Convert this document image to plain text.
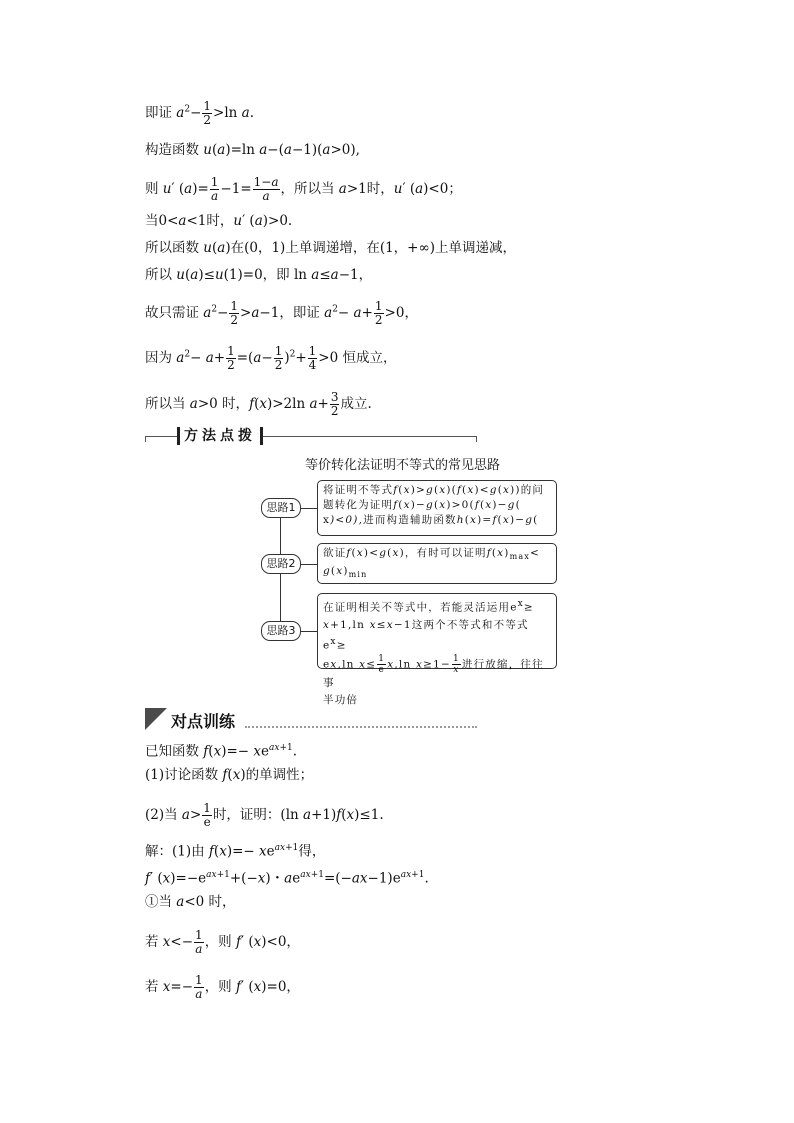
即证 $a^2- \frac{1}{2} >\ln$ a.
构造函数 u(a)=ln a−(a−1)(a>0),
则 u′ $(a)= \frac{1}{a} -1= \frac{1-a}{a}$ ，所以当 a>1时，u′ (a)<0；
当0<a<1时，u′ (a)>0.
所以函数 u(a)在(0，1)上单调递增，在(1，+∞)上单调递减，
所以 u(a)≤u(1)=0，即 ln a≤a−1，
故只需证 $a^2- \frac{1}{2} >a-1$，即证 $a^2- a+ \frac{1}{2} >0$，
因为 $a^2- a+ \frac{1}{2} =(a- \frac{1}{2} )^2+ \frac{1}{4} >0$ 恒成立，
所以当 a>0 时，f(x)>2ln $a+ \frac{3}{2}$ 成立.
方法点拨
等价转化法证明不等式的常见思路
思路1
思路2
思路3
将证明不等式f(x)>g(x)(f(x)<g(x))的问
题转化为证明f(x)−g(x)>0(f(x)−g(
x)<0),进而构造辅助函数h(x)=f(x)−g(
欲证f(x)<g(x)，有时可以证明$f(x)_{max}<$
$g(x)_{min}$
在证明相关不等式中，若能灵活运用$e^x\ge$
x+1,ln x≤x−1这两个不等式和不等式$e^x\ge$
ex,ln $x\le \frac{1}{e} x,\ln$ $x\ge 1- \frac{1}{x}$ 进行放缩，往往事
半功倍
对点训练
已知函数 $f(x)=- xe^{ax+1}$.
(1)讨论函数 f(x)的单调性；
(2)当 $a> \frac{1}{e}$ 时，证明：(ln a+1)f(x)≤1.
解：(1)由 $f(x)=- xe^{ax+1}$得，
f′ $(x)=-e^{ax+1}+(-x)$・$ae^{ax+1}=(-ax-1)e^{ax+1}$.
①当 a<0 时，
若 $x<- \frac{1}{a}$ ，则 f′ (x)<0，
若 $x=- \frac{1}{a}$ ，则 f′ (x)=0，
